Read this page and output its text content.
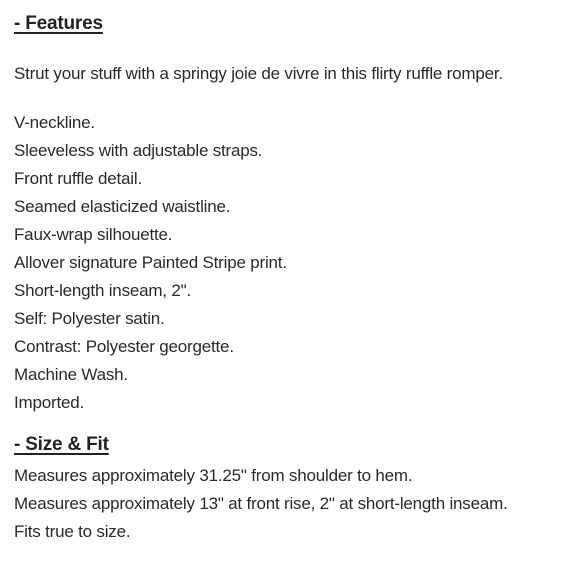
- Features
Strut your stuff with a springy joie de vivre in this flirty ruffle romper.
V-neckline.
Sleeveless with adjustable straps.
Front ruffle detail.
Seamed elasticized waistline.
Faux-wrap silhouette.
Allover signature Painted Stripe print.
Short-length inseam, 2".
Self: Polyester satin.
Contrast: Polyester georgette.
Machine Wash.
Imported.
- Size & Fit
Measures approximately 31.25" from shoulder to hem.
Measures approximately 13" at front rise, 2" at short-length inseam.
Fits true to size.
